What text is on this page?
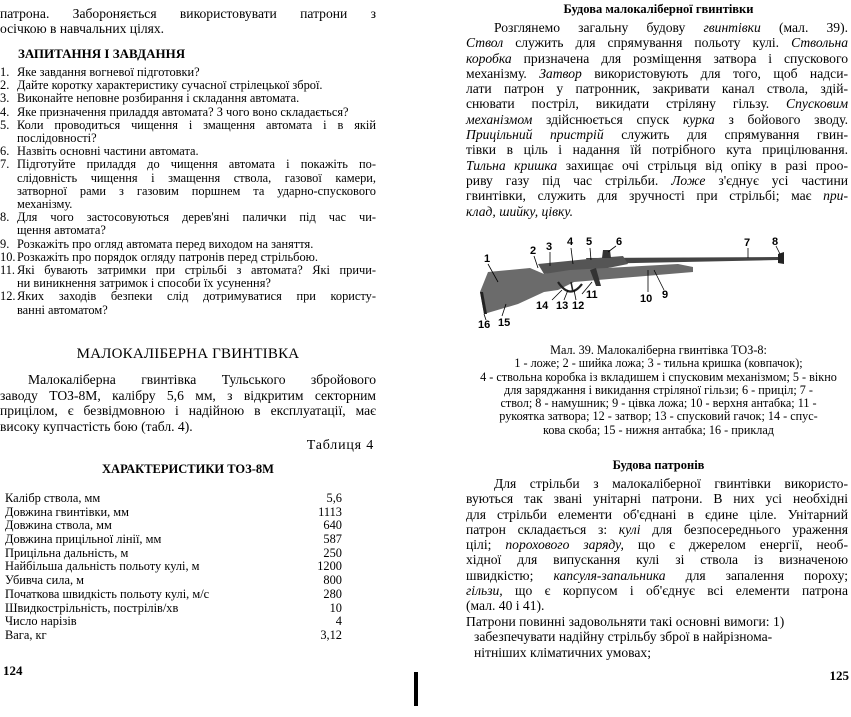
патрона. Забороняється використовувати патрони з
осічкою в навчальних цілях.
ЗАПИТАННЯ І ЗАВДАННЯ
1. Яке завдання вогневої підготовки?
2. Дайте коротку характеристику сучасної стрілецької зброї.
3. Виконайте неповне розбирання і складання автомата.
4. Яке призначення приладдя автомата? З чого воно складається?
5. Коли проводиться чищення і змащення автомата і в якій
послідовності?
6. Назвіть основні частини автомата.
7. Підготуйте приладдя до чищення автомата і покажіть по-
слідовність чищення і змащення ствола, газової камери,
затворної рами з газовим поршнем та ударно-спускового
механізму.
8. Для чого застосовуються дерев'яні палички під час чи-
щення автомата?
9. Розкажіть про огляд автомата перед виходом на заняття.
10. Розкажіть про порядок огляду патронів перед стрільбою.
11. Які бувають затримки при стрільбі з автомата? Які причи-
ни виникнення затримок і способи їх усунення?
12. Яких заходів безпеки слід дотримуватися при користу-
ванні автоматом?
МАЛОКАЛІБЕРНА ГВИНТІВКА
Малокаліберна гвинтівка Тульського збройового
заводу ТОЗ-8М, калібру 5,6 мм, з відкритим секторним
прицілом, є безвідмовною і надійною в експлуатації, має
високу купчастість бою (табл. 4).
Таблиця 4
ХАРАКТЕРИСТИКИ ТОЗ-8М
Калібр ствола, мм	5,6
Довжина гвинтівки, мм	1113
Довжина ствола, мм	640
Довжина прицільної лінії, мм	587
Прицільна дальність, м	250
Найбільша дальність польоту кулі, м	1200
Убивча сила, м	800
Початкова швидкість польоту кулі, м/с	280
Швидкострільність, пострілів/хв	10
Число нарізів	4
Вага, кг	3,12
124
Будова малокаліберної гвинтівки
Розглянемо загальну будову гвинтівки (мал. 39).
Ствол служить для спрямування польоту кулі. Ствольна
коробка призначена для розміщення затвора і спускового
механізму. Затвор використовують для того, щоб надси-
лати патрон у патронник, закривати канал ствола, здій-
снювати постріл, викидати стріляну гільзу. Спусковим
механізмом здійснюється спуск курка з бойового зводу.
Прицільний пристрій служить для спрямування гвин-
тівки в ціль і надання їй потрібного кута прицілювання.
Тильна кришка захищає очі стрільця від опіку в разі проо-
риву газу під час стрільби. Ложе з'єднує усі частини
гвинтівки, служить для зручності при стрільбі; має при-
клад, шийку, цівку.
1
2 3 4 5 6	7 8
9
10
11
12
13
14
15
16
Мал. 39. Малокаліберна гвинтівка ТОЗ-8:
1 - ложе; 2 - шийка ложа; 3 - тильна кришка (ковпачок);
4 - ствольна коробка із вкладишем і спусковим механізмом; 5 - вікно
для заряджання і викидання стріляної гільзи; 6 - приціл; 7 -
ствол; 8 - намушник; 9 - цівка ложа; 10 - верхня антабка; 11 -
рукоятка затвора; 12 - затвор; 13 - спусковий гачок; 14 - спус-
кова скоба; 15 - нижня антабка; 16 - приклад
Будова патронів
Для стрільби з малокаліберної гвинтівки використо-
вуються так звані унітарні патрони. В них усі необхідні
для стрільби елементи об'єднані в єдине ціле. Унітарний
патрон складається з: кулі для безпосереднього ураження
цілі; порохового заряду, що є джерелом енергії, необ-
хідної для випускання кулі зі ствола із визначеною
швидкістю; капсуля-запальника для запалення пороху;
гільзи, що є корпусом і об'єднує всі елементи патрона
(мал. 40 і 41).
Патрони повинні задовольняти такі основні вимоги: 1)
забезпечувати надійну стрільбу зброї в найрізнома-
нітніших кліматичних умовах;
125
